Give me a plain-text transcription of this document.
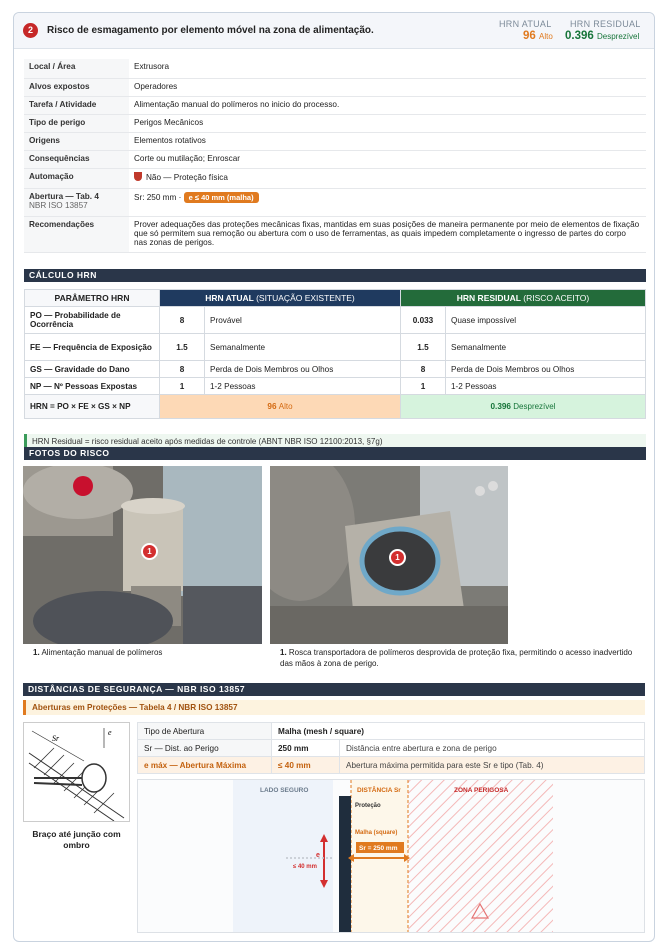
2	Risco de esmagamento por elemento móvel na zona de alimentação.
HRN ATUAL HRN RESIDUAL
96 Alto 0.396 Desprezível
Local / Área	Extrusora
Alvos expostos	Operadores
Tarefa / Atividade	Alimentação manual do polímeros no inicio do processo.
Tipo de perigo	Perigos Mecânicos
Origens	Elementos rotativos
Consequências	Corte ou mutilação; Enroscar
Automação	Não — Proteção física
Abertura — Tab. 4
NBR ISO 13857	Sr: 250 mm · e ≤ 40 mm (malha)
Recomendações	Prover adequações das proteções mecânicas fixas, mantidas em suas posições de maneira permanente por meio de elementos de fixação que só permitem sua remoção ou abertura com o uso de ferramentas, as quais impedem completamente o ingresso de partes do corpo nas zonas de perigos.
CÁLCULO HRN
PARÂMETRO HRN	HRN ATUAL (SITUAÇÃO EXISTENTE)		HRN RESIDUAL (RISCO ACEITO)	
PO — Probabilidade de Ocorrência	8	Provável	0.033	Quase impossível
FE — Frequência de Exposição	1.5	Semanalmente	1.5	Semanalmente
GS — Gravidade do Dano	8	Perda de Dois Membros ou Olhos	8	Perda de Dois Membros ou Olhos
NP — Nº Pessoas Expostas	1	1-2 Pessoas	1	1-2 Pessoas
HRN = PO × FE × GS × NP	96 Alto		0.396 Desprezível	
HRN Residual = risco residual aceito após medidas de controle (ABNT NBR ISO 12100:2013, §7g)
FOTOS DO RISCO
1
1
1. Alimentação manual de polímeros	1. Rosca transportadora de polímeros desprovida de proteção fixa, permitindo o acesso inadvertido das mãos à zona de perigo.
DISTÂNCIAS DE SEGURANÇA — NBR ISO 13857
Aberturas em Proteções — Tabela 4 / NBR ISO 13857
Sr
e
Braço até junção com ombro
Tipo de Abertura	Malha (mesh / square)	
Sr — Dist. ao Perigo	250 mm	Distância entre abertura e zona de perigo
e máx — Abertura Máxima	≤ 40 mm	Abertura máxima permitida para este Sr e tipo (Tab. 4)
LADO SEGURO	DISTÂNCIA Sr	ZONA PERIGOSA
Proteção
Malha (square)
e
≤ 40 mm
Sr = 250 mm
